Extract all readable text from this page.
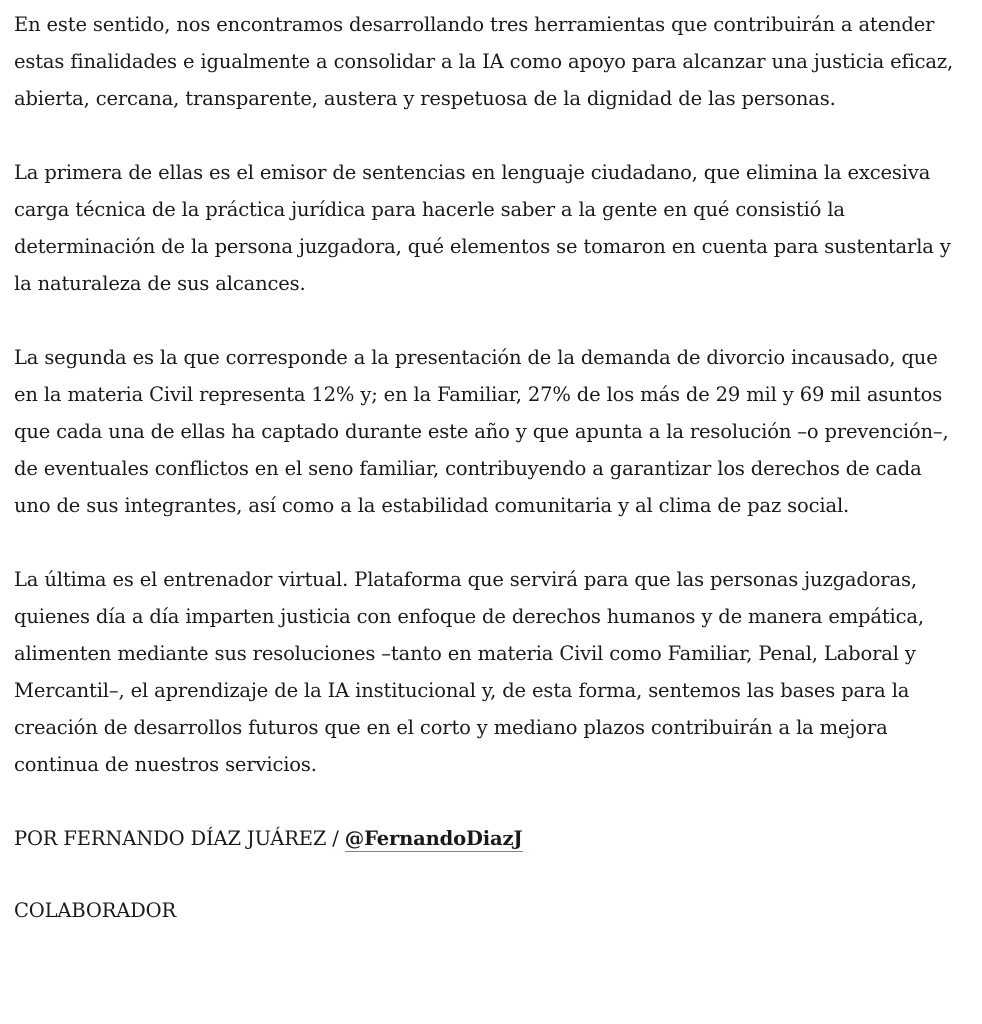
En este sentido, nos encontramos desarrollando tres herramientas que contribuirán a atender estas finalidades e igualmente a consolidar a la IA como apoyo para alcanzar una justicia eficaz, abierta, cercana, transparente, austera y respetuosa de la dignidad de las personas.

La primera de ellas es el emisor de sentencias en lenguaje ciudadano, que elimina la excesiva carga técnica de la práctica jurídica para hacerle saber a la gente en qué consistió la determinación de la persona juzgadora, qué elementos se tomaron en cuenta para sustentarla y la naturaleza de sus alcances.

La segunda es la que corresponde a la presentación de la demanda de divorcio incausado, que en la materia Civil representa 12% y; en la Familiar, 27% de los más de 29 mil y 69 mil asuntos que cada una de ellas ha captado durante este año y que apunta a la resolución –o prevención–, de eventuales conflictos en el seno familiar, contribuyendo a garantizar los derechos de cada uno de sus integrantes, así como a la estabilidad comunitaria y al clima de paz social.

La última es el entrenador virtual. Plataforma que servirá para que las personas juzgadoras, quienes día a día imparten justicia con enfoque de derechos humanos y de manera empática, alimenten mediante sus resoluciones –tanto en materia Civil como Familiar, Penal, Laboral y Mercantil–, el aprendizaje de la IA institucional y, de esta forma, sentemos las bases para la creación de desarrollos futuros que en el corto y mediano plazos contribuirán a la mejora continua de nuestros servicios.

POR FERNANDO DÍAZ JUÁREZ / @FernandoDiazJ

COLABORADOR
